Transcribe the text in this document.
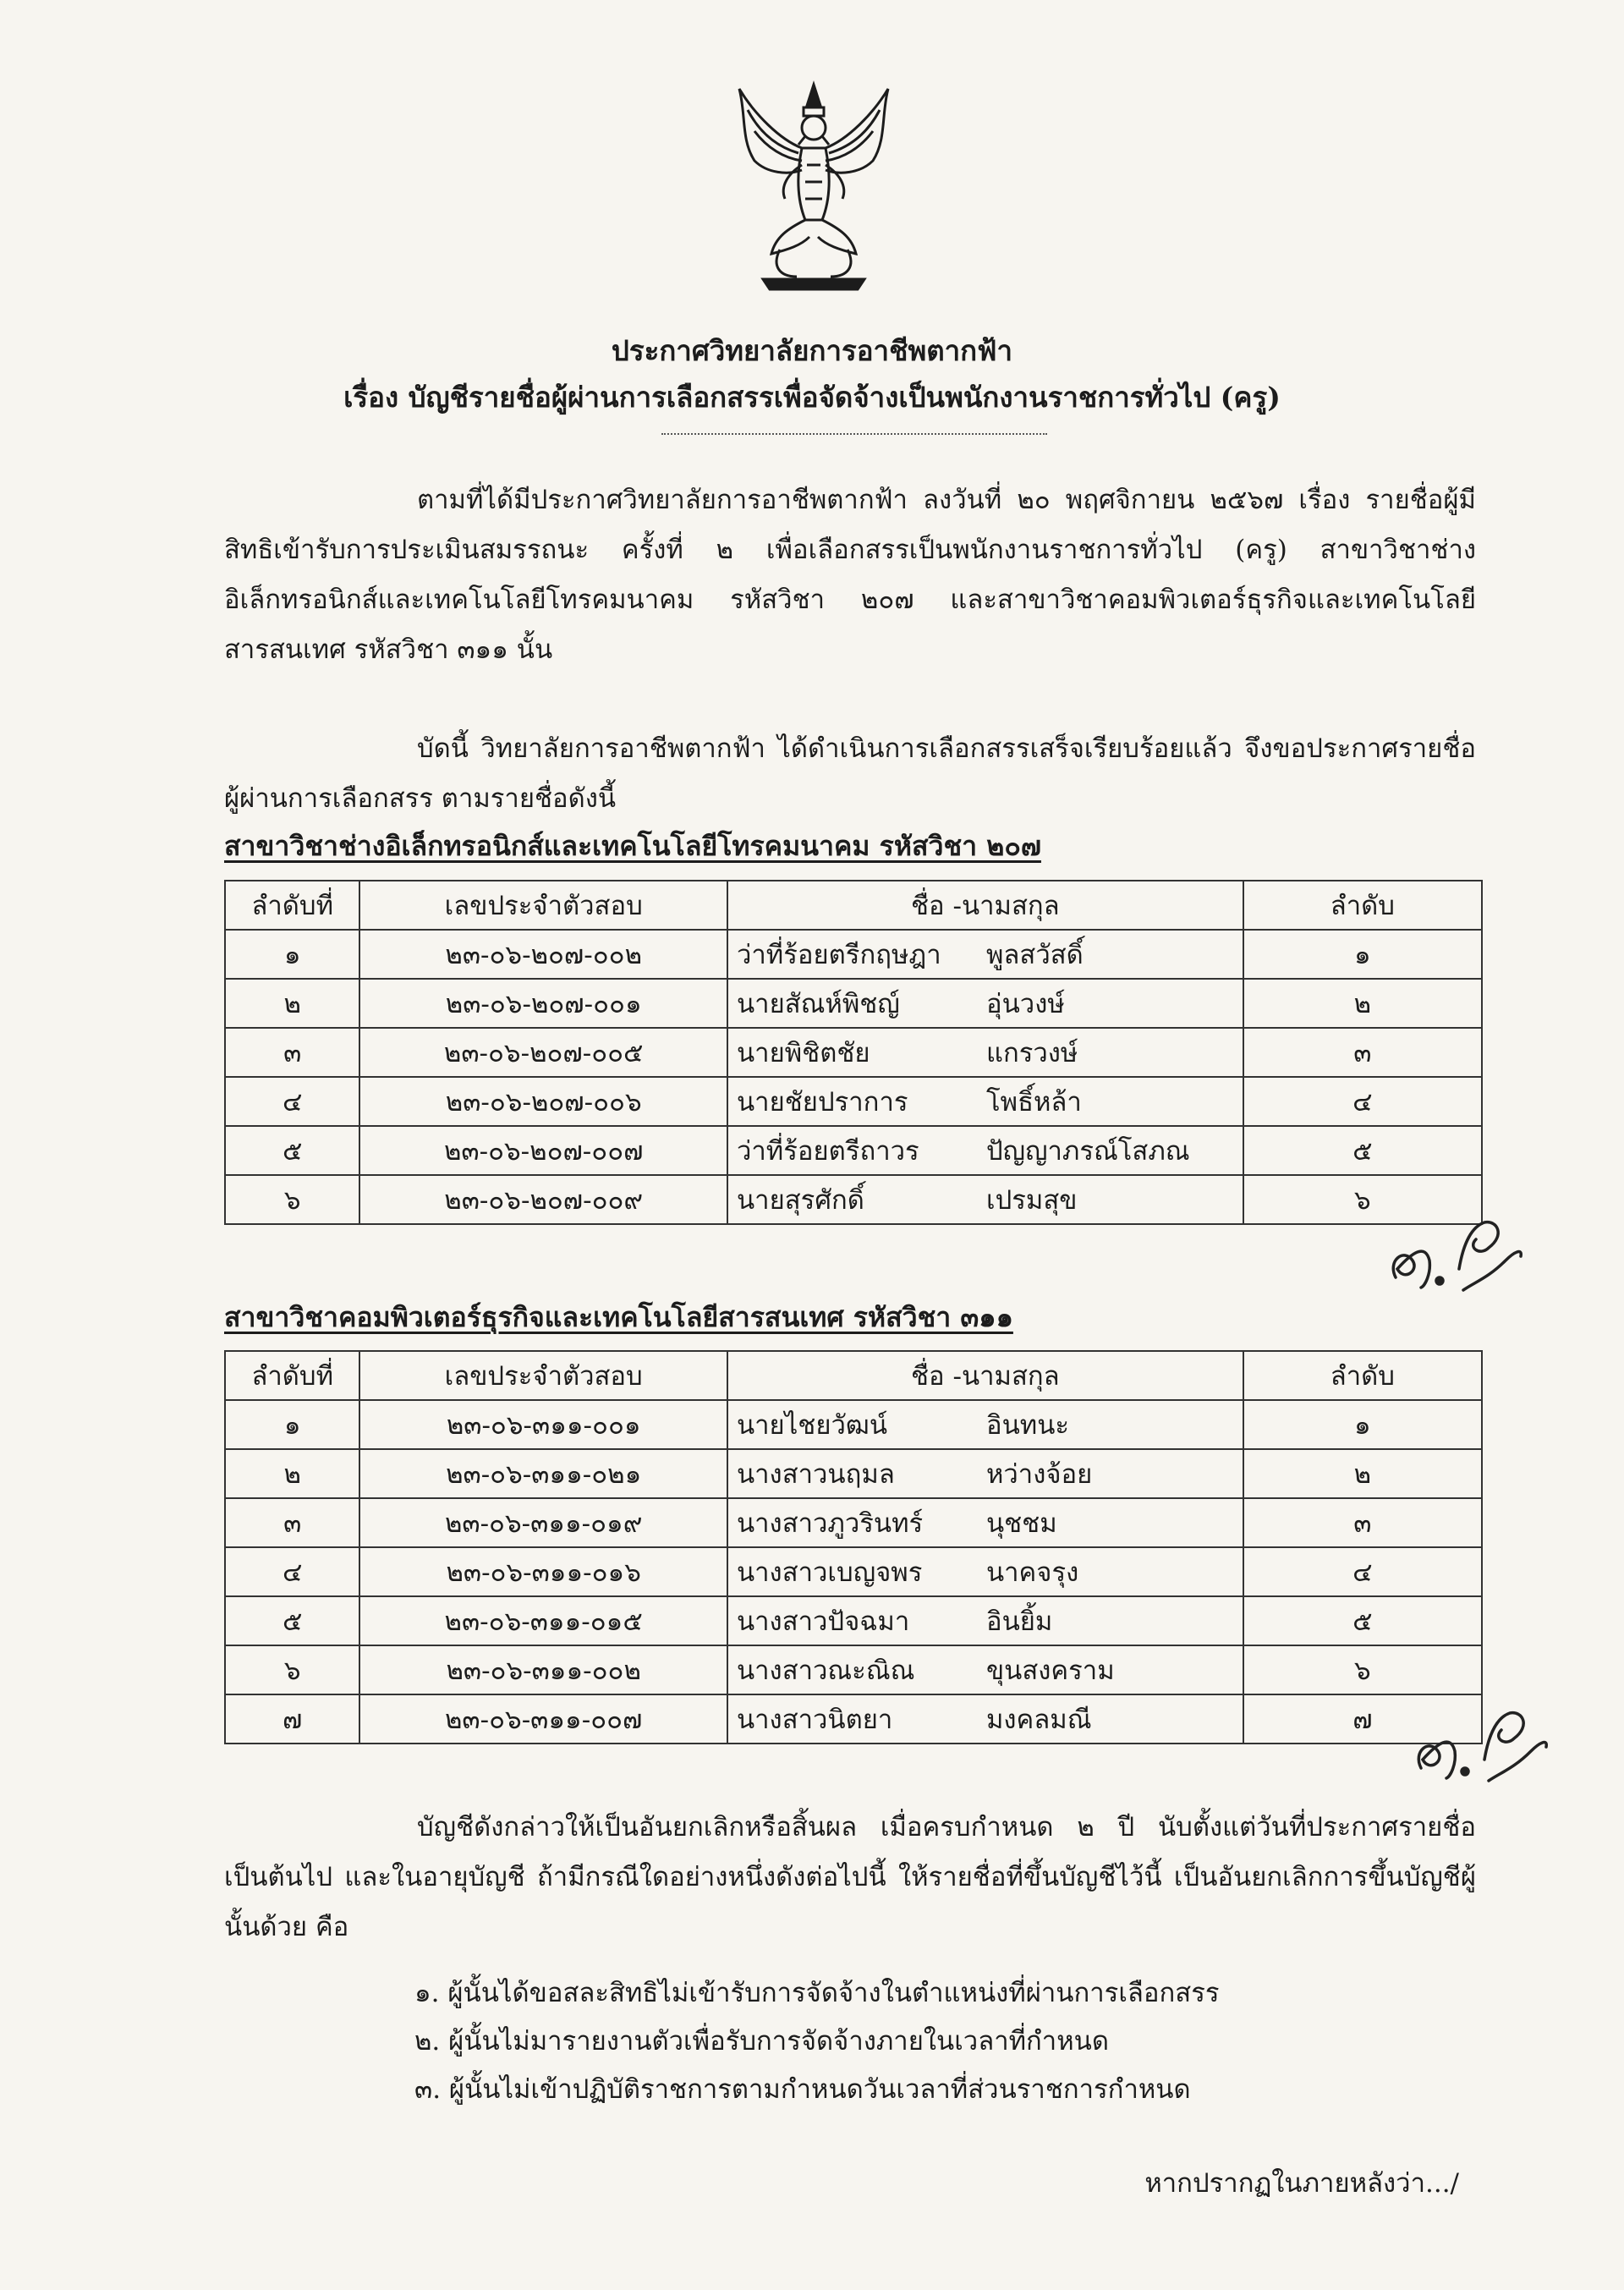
ประกาศวิทยาลัยการอาชีพตากฟ้า
เรื่อง บัญชีรายชื่อผู้ผ่านการเลือกสรรเพื่อจัดจ้างเป็นพนักงานราชการทั่วไป (ครู)
ตามที่ได้มีประกาศวิทยาลัยการอาชีพตากฟ้า ลงวันที่ ๒๐ พฤศจิกายน ๒๕๖๗ เรื่อง รายชื่อผู้มีสิทธิเข้ารับการประเมินสมรรถนะ ครั้งที่ ๒ เพื่อเลือกสรรเป็นพนักงานราชการทั่วไป (ครู) สาขาวิชาช่างอิเล็กทรอนิกส์และเทคโนโลยีโทรคมนาคม รหัสวิชา ๒๐๗ และสาขาวิชาคอมพิวเตอร์ธุรกิจและเทคโนโลยีสารสนเทศ รหัสวิชา ๓๑๑ นั้น
บัดนี้ วิทยาลัยการอาชีพตากฟ้า ได้ดำเนินการเลือกสรรเสร็จเรียบร้อยแล้ว จึงขอประกาศรายชื่อผู้ผ่านการเลือกสรร ตามรายชื่อดังนี้
สาขาวิชาช่างอิเล็กทรอนิกส์และเทคโนโลยีโทรคมนาคม รหัสวิชา ๒๐๗
ลำดับที่	เลขประจำตัวสอบ	ชื่อ -นามสกุล	ลำดับ
๑	๒๓-๐๖-๒๐๗-๐๐๒	ว่าที่ร้อยตรีกฤษฎา พูลสวัสดิ์	๑
๒	๒๓-๐๖-๒๐๗-๐๐๑	นายสัณห์พิชญ์ อุ่นวงษ์	๒
๓	๒๓-๐๖-๒๐๗-๐๐๕	นายพิชิตชัย แกรวงษ์	๓
๔	๒๓-๐๖-๒๐๗-๐๐๖	นายชัยปราการ โพธิ์หล้า	๔
๕	๒๓-๐๖-๒๐๗-๐๐๗	ว่าที่ร้อยตรีถาวร ปัญญาภรณ์โสภณ	๕
๖	๒๓-๐๖-๒๐๗-๐๐๙	นายสุรศักดิ์ เปรมสุข	๖
สาขาวิชาคอมพิวเตอร์ธุรกิจและเทคโนโลยีสารสนเทศ รหัสวิชา ๓๑๑
ลำดับที่	เลขประจำตัวสอบ	ชื่อ -นามสกุล	ลำดับ
๑	๒๓-๐๖-๓๑๑-๐๐๑	นายไชยวัฒน์ อินทนะ	๑
๒	๒๓-๐๖-๓๑๑-๐๒๑	นางสาวนฤมล หว่างจ้อย	๒
๓	๒๓-๐๖-๓๑๑-๐๑๙	นางสาวภูวรินทร์ นุชชม	๓
๔	๒๓-๐๖-๓๑๑-๐๑๖	นางสาวเบญจพร นาคจรุง	๔
๕	๒๓-๐๖-๓๑๑-๐๑๕	นางสาวปัจฉมา อินยิ้ม	๕
๖	๒๓-๐๖-๓๑๑-๐๐๒	นางสาวณะณิณ ขุนสงคราม	๖
๗	๒๓-๐๖-๓๑๑-๐๐๗	นางสาวนิตยา มงคลมณี	๗
บัญชีดังกล่าวให้เป็นอันยกเลิกหรือสิ้นผล เมื่อครบกำหนด ๒ ปี นับตั้งแต่วันที่ประกาศรายชื่อเป็นต้นไป และในอายุบัญชี ถ้ามีกรณีใดอย่างหนึ่งดังต่อไปนี้ ให้รายชื่อที่ขึ้นบัญชีไว้นี้ เป็นอันยกเลิกการขึ้นบัญชีผู้นั้นด้วย คือ
๑. ผู้นั้นได้ขอสละสิทธิไม่เข้ารับการจัดจ้างในตำแหน่งที่ผ่านการเลือกสรร
๒. ผู้นั้นไม่มารายงานตัวเพื่อรับการจัดจ้างภายในเวลาที่กำหนด
๓. ผู้นั้นไม่เข้าปฏิบัติราชการตามกำหนดวันเวลาที่ส่วนราชการกำหนด
หากปรากฏในภายหลังว่า.../
